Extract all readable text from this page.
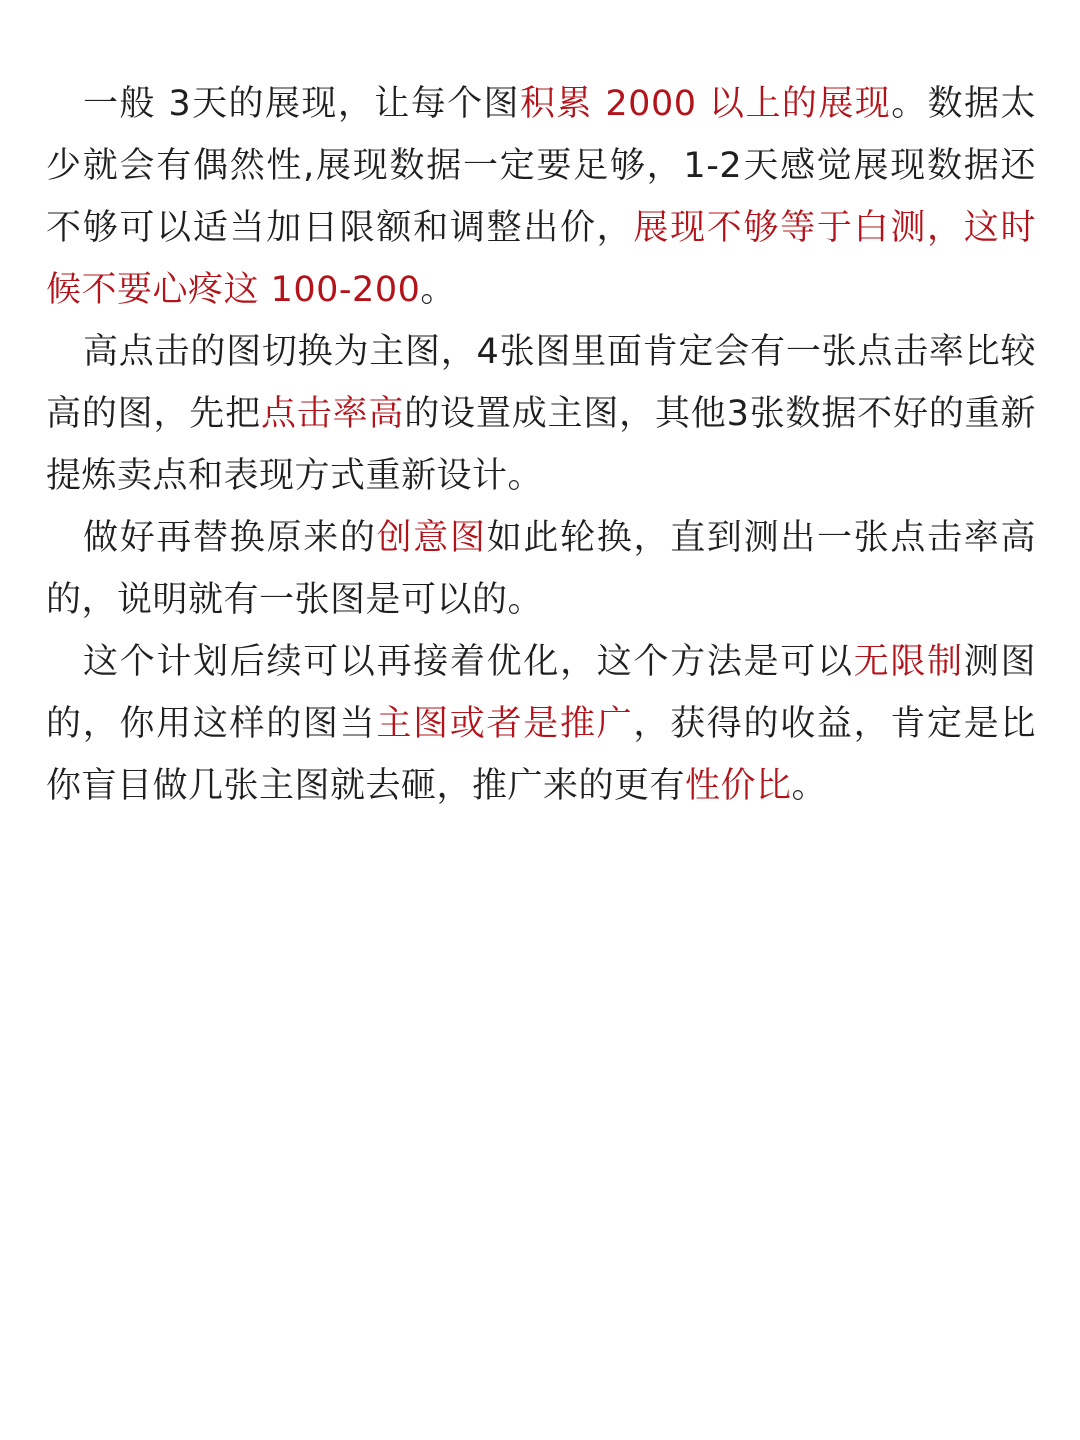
一般 3天的展现，让每个图积累 2000 以上的展现。数据太少就会有偶然性,展现数据一定要足够，1-2天感觉展现数据还不够可以适当加日限额和调整出价，展现不够等于白测，这时候不要心疼这 100-200。

高点击的图切换为主图，4张图里面肯定会有一张点击率比较高的图，先把点击率高的设置成主图，其他3张数据不好的重新提炼卖点和表现方式重新设计。

做好再替换原来的创意图如此轮换，直到测出一张点击率高的，说明就有一张图是可以的。

这个计划后续可以再接着优化，这个方法是可以无限制测图的，你用这样的图当主图或者是推广，获得的收益，肯定是比你盲目做几张主图就去砸，推广来的更有性价比。
